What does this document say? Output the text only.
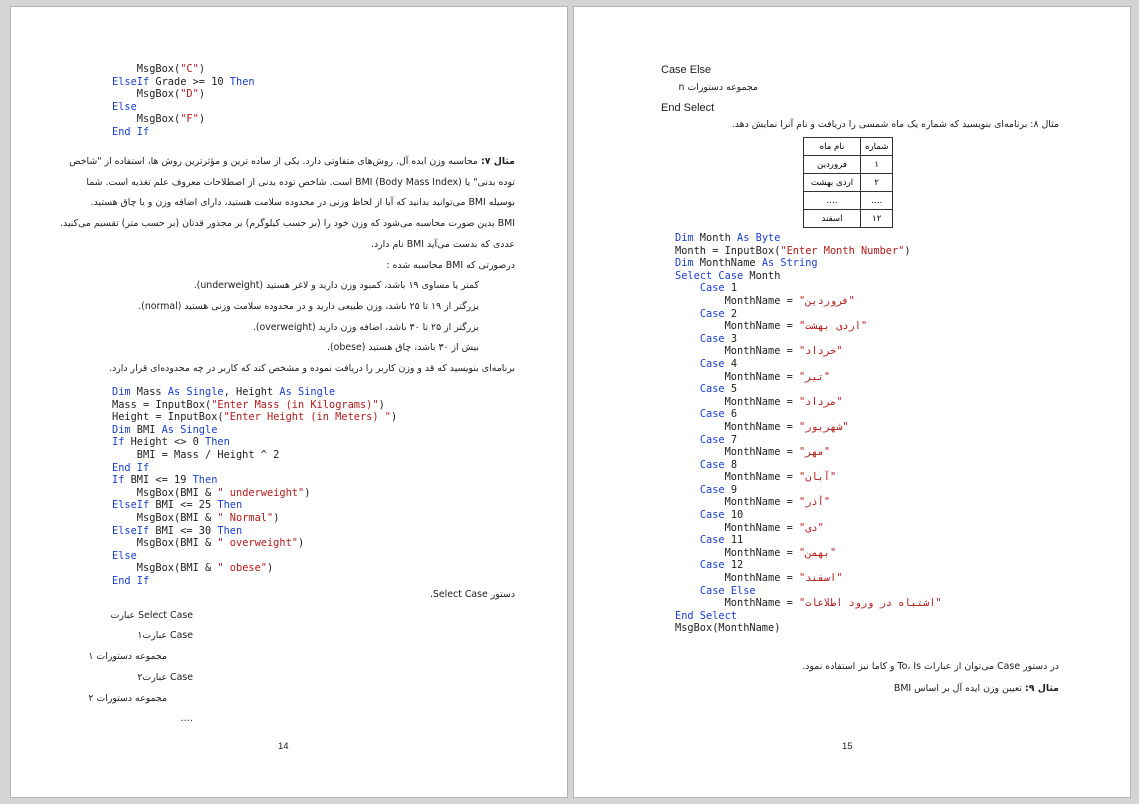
MsgBox("C")
ElseIf Grade >= 10 Then
MsgBox("D")
Else
MsgBox("F")
End If
مثال ۷: محاسبه وزن ایده آل. روش‌های متفاوتی دارد. یکی از ساده ترین و مؤثرترین روش ها، استفاده از "شاخص
توده بدنی" یا BMI (Body Mass Index) است. شاخص توده بدنی از اصطلاحات معروف علم تغذیه است. شما
بوسیله BMI می‌توانید بدانید که آیا از لحاظ وزنی در محدوده سلامت هستید، دارای اضافه وزن و یا چاق هستید.
BMI بدین صورت محاسبه می‌شود که وزن خود را (بر حسب کیلوگرم) بر مجذور قدتان (بر حسب متر) تقسیم می‌کنید.
عددی که بدست می‌آید BMI نام دارد.
درصورتی که BMI محاسبه شده :
کمتر یا مساوی ۱۹ باشد، کمبود وزن دارید و لاغر هستید (underweight).
بزرگتر از ۱۹ تا ۲۵ باشد، وزن طبیعی دارید و در محدوده سلامت وزنی هستید (normal).
بزرگتر از ۲۵ تا ۳۰ باشد، اضافه وزن دارید (overweight).
بیش از ۳۰ باشد، چاق هستید (obese).
برنامه‌ای بنویسید که قد و وزن کاربر را دریافت نموده و مشخص کند که کاربر در چه محدوده‌ای قرار دارد.
Dim Mass As Single, Height As Single
Mass = InputBox("Enter Mass (in Kilograms)")
Height = InputBox("Enter Height (in Meters) ")
Dim BMI As Single
If Height <> 0 Then
BMI = Mass / Height ^ 2
End If
If BMI <= 19 Then
MsgBox(BMI & " underweight")
ElseIf BMI <= 25 Then
MsgBox(BMI & " Normal")
ElseIf BMI <= 30 Then
MsgBox(BMI & " overweight")
Else
MsgBox(BMI & " obese")
End If
دستور Select Case.
Select Case عبارت
Case عبارت۱
مجموعه دستورات ۱
Case عبارت۲
مجموعه دستورات ۲
….
14
Case Else
مجموعه دستورات n
End Select
مثال ۸: برنامه‌ای بنویسید که شماره یک ماه شمسی را دریافت و نام آنرا نمایش دهد.
شماره	نام ماه
۱	فروردین
۲	اردی بهشت
….	….
۱۲	اسفند
Dim Month As Byte
Month = InputBox("Enter Month Number")
Dim MonthName As String
Select Case Month
Case 1
MonthName = "فروردین"
Case 2
MonthName = "اردی بهشت"
Case 3
MonthName = "خرداد"
Case 4
MonthName = "تیر"
Case 5
MonthName = "مرداد"
Case 6
MonthName = "شهریور"
Case 7
MonthName = "مهر"
Case 8
MonthName = "آبان"
Case 9
MonthName = "آذر"
Case 10
MonthName = "دی"
Case 11
MonthName = "بهمن"
Case 12
MonthName = "اسفند"
Case Else
MonthName = "اشتباه در ورود اطلاعات"
End Select
MsgBox(MonthName)
در دستور Case می‌توان از عبارات To، Is و کاما نیز استفاده نمود.
مثال ۹: تعیین وزن ایده آل بر اساس BMI
15
